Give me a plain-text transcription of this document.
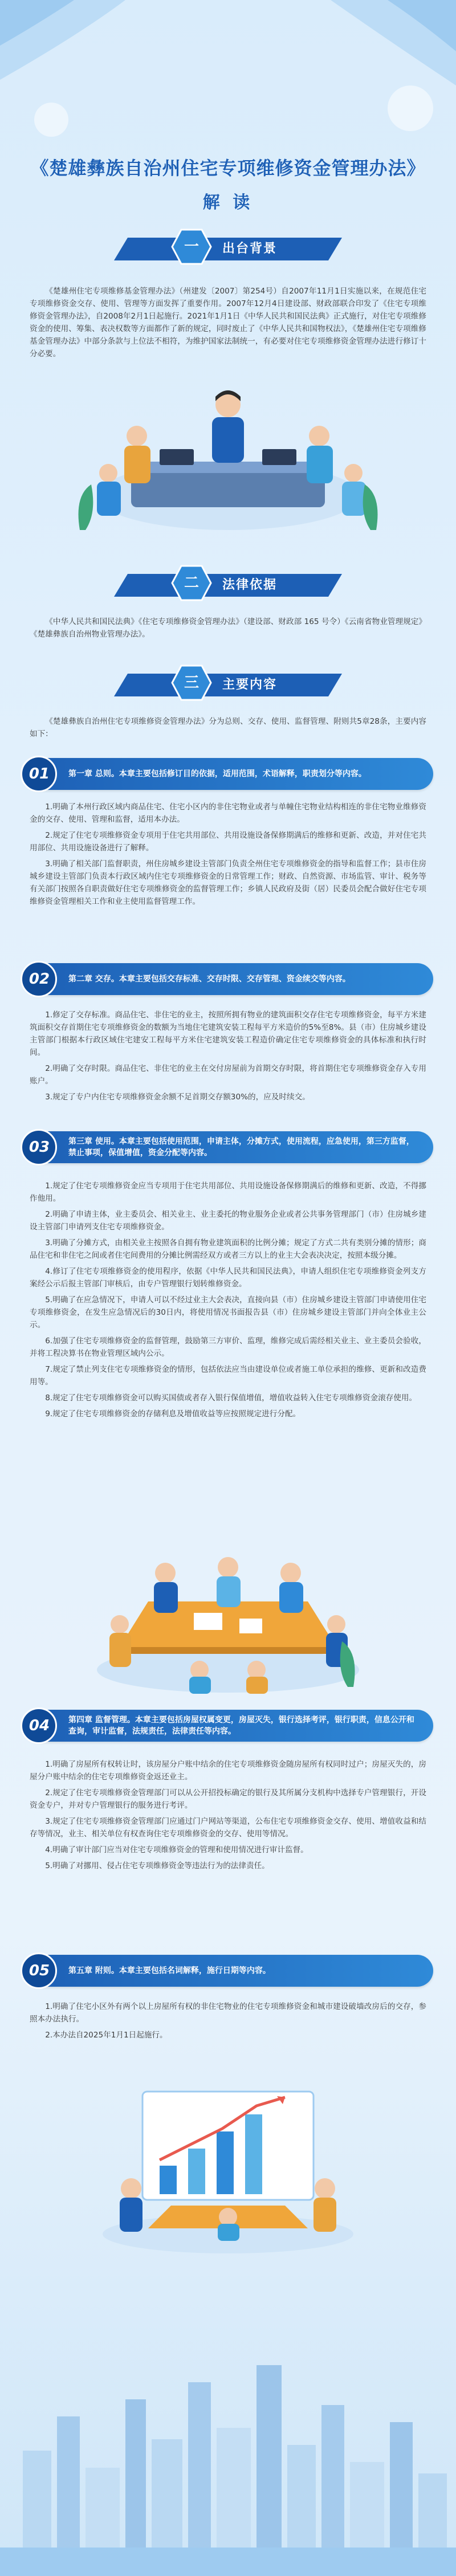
《楚雄彝族自治州住宅专项维修资金管理办法》
解 读
一	出台背景

《楚雄州住宅专项维修基金管理办法》（州建发〔2007〕第254号）自2007年11月1日实施以来，在规范住宅专项维修资金交存、使用、管理等方面发挥了重要作用。2007年12月4日建设部、财政部联合印发了《住宅专项维修资金管理办法》，自2008年2月1日起施行。2021年1月1日《中华人民共和国民法典》正式施行，对住宅专项维修资金的使用、筹集、表决权数等方面都作了新的规定，同时废止了《中华人民共和国物权法》，《楚雄州住宅专项维修基金管理办法》中部分条款与上位法不相符，为维护国家法制统一，有必要对住宅专项维修资金管理办法进行修订十分必要。

二	法律依据

《中华人民共和国民法典》《住宅专项维修资金管理办法》（建设部、财政部 165 号令）《云南省物业管理规定》《楚雄彝族自治州物业管理办法》。

三	主要内容

《楚雄彝族自治州住宅专项维修资金管理办法》分为总则、交存、使用、监督管理、附则共5章28条，主要内容如下：

01	第一章 总则。本章主要包括修订目的依据，适用范围，术语解释，职责划分等内容。

1.明确了本州行政区域内商品住宅、住宅小区内的非住宅物业或者与单幢住宅物业结构相连的非住宅物业维修资金的交存、使用、管理和监督，适用本办法。

2.规定了住宅专项维修资金专项用于住宅共用部位、共用设施设备保修期满后的维修和更新、改造，并对住宅共用部位、共用设施设备进行了解释。

3.明确了相关部门监督职责，州住房城乡建设主管部门负责全州住宅专项维修资金的指导和监督工作；县市住房城乡建设主管部门负责本行政区域内住宅专项维修资金的日常管理工作；财政、自然资源、市场监管、审计、税务等有关部门按照各自职责做好住宅专项维修资金的监督管理工作；乡镇人民政府及街（居）民委员会配合做好住宅专项维修资金管理相关工作和业主使用监督管理工作。

02	第二章 交存。本章主要包括交存标准、交存时限、交存管理、资金续交等内容。

1.修定了交存标准。商品住宅、非住宅的业主，按照所拥有物业的建筑面积交存住宅专项维修资金，每平方米建筑面积交存首期住宅专项维修资金的数额为当地住宅建筑安装工程每平方米造价的5%至8%。县（市）住房城乡建设主管部门根据本行政区域住宅建安工程每平方米住宅建筑安装工程造价确定住宅专项维修资金的具体标准和执行时间。

2.明确了交存时限。商品住宅、非住宅的业主在交付房屋前为首期交存时限，将首期住宅专项维修资金存入专用账户。

3.规定了专户内住宅专项维修资金余额不足首期交存额30%的，应及时续交。

03	第三章 使用。本章主要包括使用范围，申请主体，分摊方式，使用流程，应急使用，第三方监督，禁止事项，保值增值，资金分配等内容。

1.规定了住宅专项维修资金应当专项用于住宅共用部位、共用设施设备保修期满后的维修和更新、改造，不得挪作他用。

2.明确了申请主体，业主委员会、相关业主、业主委托的物业服务企业或者公共事务管理部门（市）住房城乡建设主管部门申请列支住宅专项维修资金。

3.明确了分摊方式，由相关业主按照各自拥有物业建筑面积的比例分摊；规定了方式二共有类别分摊的情形；商品住宅和非住宅之间或者住宅间费用的分摊比例需经双方或者三方以上的业主大会表决决定，按照本级分摊。

4.修订了住宅专项维修资金的使用程序，依据《中华人民共和国民法典》，申请人组织住宅专项维修资金列支方案经公示后报主管部门审核后，由专户管理银行划转维修资金。

5.明确了在应急情况下，申请人可以不经过业主大会表决，直接向县（市）住房城乡建设主管部门申请使用住宅专项维修资金，在发生应急情况后的30日内，将使用情况书面报告县（市）住房城乡建设主管部门并向全体业主公示。

6.加强了住宅专项维修资金的监督管理，鼓励第三方审价、监理，维修完成后需经相关业主、业主委员会验收，并将工程决算书在物业管理区域内公示。

7.规定了禁止列支住宅专项维修资金的情形，包括依法应当由建设单位或者施工单位承担的维修、更新和改造费用等。

8.规定了住宅专项维修资金可以购买国债或者存入银行保值增值，增值收益转入住宅专项维修资金滚存使用。

9.规定了住宅专项维修资金的存储利息及增值收益等应按照规定进行分配。

04	第四章 监督管理。本章主要包括房屋权属变更，房屋灭失，银行选择考评，银行职责，信息公开和查询，审计监督，法规责任，法律责任等内容。

1.明确了房屋所有权转让时，该房屋分户账中结余的住宅专项维修资金随房屋所有权同时过户；房屋灭失的，房屋分户账中结余的住宅专项维修资金返还业主。

2.规定了住宅专项维修资金管理部门可以从公开招投标确定的银行及其所属分支机构中选择专户管理银行，开设资金专户，并对专户管理银行的服务进行考评。

3.规定了住宅专项维修资金管理部门应通过门户网站等渠道，公布住宅专项维修资金交存、使用、增值收益和结存等情况，业主、相关单位有权查询住宅专项维修资金的交存、使用等情况。

4.明确了审计部门应当对住宅专项维修资金的管理和使用情况进行审计监督。

5.明确了对挪用、侵占住宅专项维修资金等违法行为的法律责任。

05	第五章 附则。本章主要包括名词解释，施行日期等内容。

1.明确了住宅小区外有两个以上房屋所有权的非住宅物业的住宅专项维修资金和城市建设破墙改房后的交存，参照本办法执行。

2.本办法自2025年1月1日起施行。
